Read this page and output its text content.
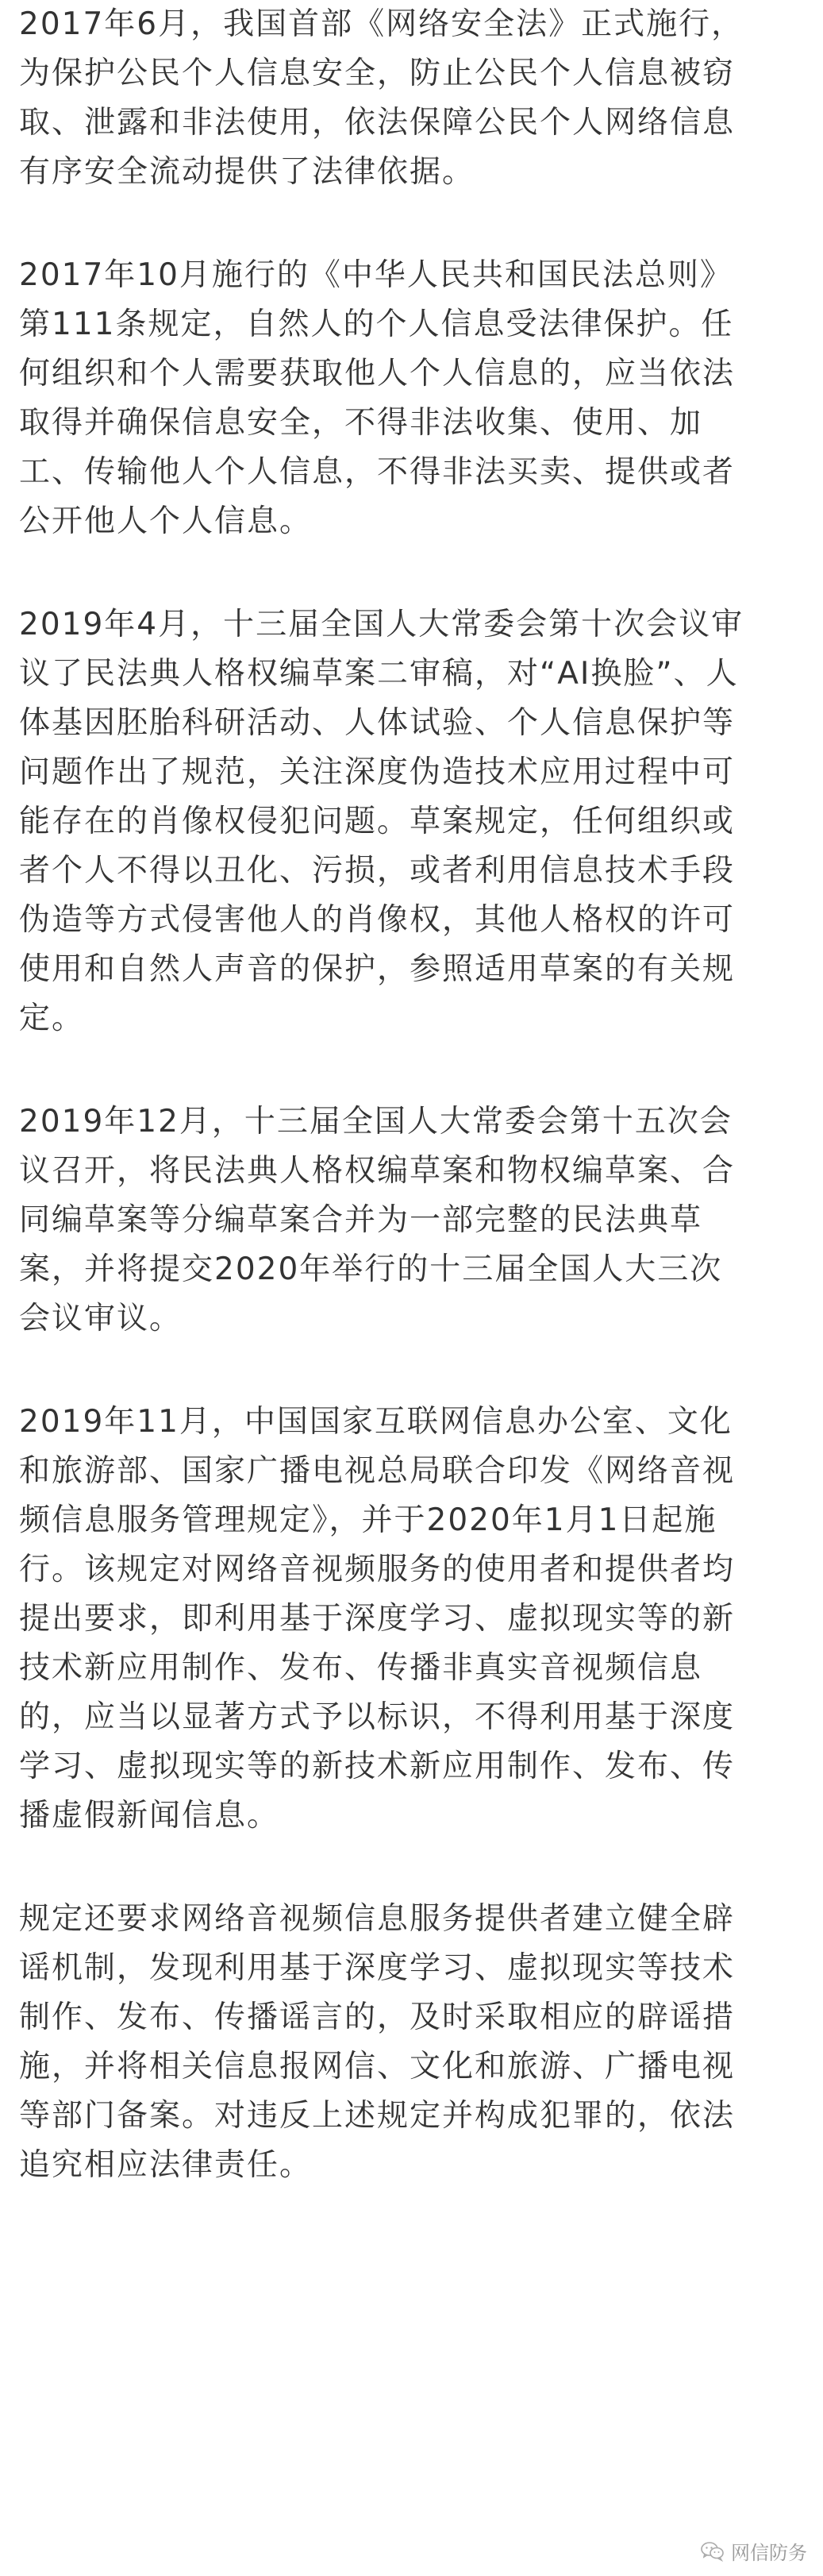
2017年6月，我国首部《网络安全法》正式施行，
为保护公民个人信息安全，防止公民个人信息被窃
取、泄露和非法使用，依法保障公民个人网络信息
有序安全流动提供了法律依据。

2017年10月施行的《中华人民共和国民法总则》
第111条规定，自然人的个人信息受法律保护。任
何组织和个人需要获取他人个人信息的，应当依法
取得并确保信息安全，不得非法收集、使用、加
工、传输他人个人信息，不得非法买卖、提供或者
公开他人个人信息。

2019年4月，十三届全国人大常委会第十次会议审
议了民法典人格权编草案二审稿，对“AI换脸”、人
体基因胚胎科研活动、人体试验、个人信息保护等
问题作出了规范，关注深度伪造技术应用过程中可
能存在的肖像权侵犯问题。草案规定，任何组织或
者个人不得以丑化、污损，或者利用信息技术手段
伪造等方式侵害他人的肖像权，其他人格权的许可
使用和自然人声音的保护，参照适用草案的有关规
定。

2019年12月，十三届全国人大常委会第十五次会
议召开，将民法典人格权编草案和物权编草案、合
同编草案等分编草案合并为一部完整的民法典草
案，并将提交2020年举行的十三届全国人大三次
会议审议。

2019年11月，中国国家互联网信息办公室、文化
和旅游部、国家广播电视总局联合印发《网络音视
频信息服务管理规定》，并于2020年1月1日起施
行。该规定对网络音视频服务的使用者和提供者均
提出要求，即利用基于深度学习、虚拟现实等的新
技术新应用制作、发布、传播非真实音视频信息
的，应当以显著方式予以标识，不得利用基于深度
学习、虚拟现实等的新技术新应用制作、发布、传
播虚假新闻信息。

规定还要求网络音视频信息服务提供者建立健全辟
谣机制，发现利用基于深度学习、虚拟现实等技术
制作、发布、传播谣言的，及时采取相应的辟谣措
施，并将相关信息报网信、文化和旅游、广播电视
等部门备案。对违反上述规定并构成犯罪的，依法
追究相应法律责任。

网信防务
